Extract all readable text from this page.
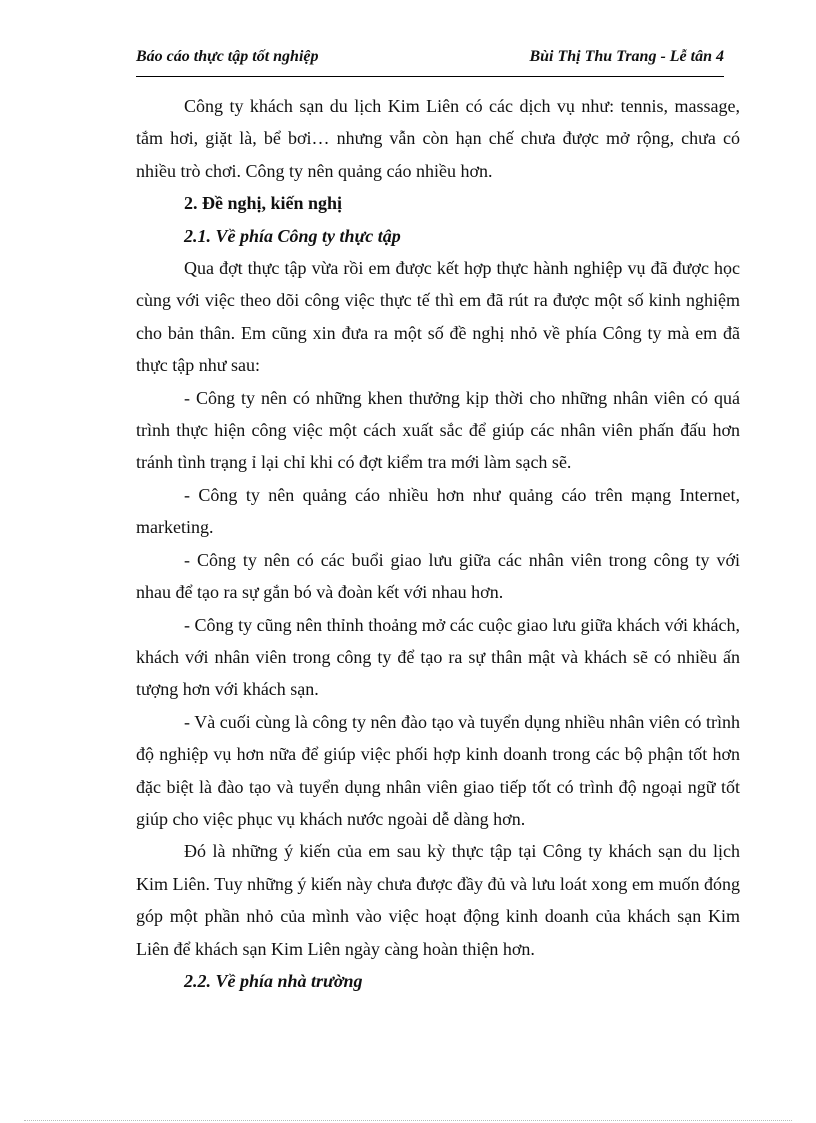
Báo cáo thực tập tốt nghiệp	Bùi Thị Thu Trang - Lễ tân 4

Công ty khách sạn du lịch Kim Liên có các dịch vụ như: tennis, massage, tắm hơi, giặt là, bể bơi… nhưng vẫn còn hạn chế chưa được mở rộng, chưa có nhiều trò chơi. Công ty nên quảng cáo nhiều hơn.

2. Đề nghị, kiến nghị
2.1. Về phía Công ty thực tập

Qua đợt thực tập vừa rồi em được kết hợp thực hành nghiệp vụ đã được học cùng với việc theo dõi công việc thực tế thì em đã rút ra được một số kinh nghiệm cho bản thân. Em cũng xin đưa ra một số đề nghị nhỏ về phía Công ty mà em đã thực tập như sau:

- Công ty nên có những khen thưởng kịp thời cho những nhân viên có quá trình thực hiện công việc một cách xuất sắc để giúp các nhân viên phấn đấu hơn tránh tình trạng ỉ lại chỉ khi có đợt kiểm tra mới làm sạch sẽ.

- Công ty nên quảng cáo nhiều hơn như quảng cáo trên mạng Internet, marketing.

- Công ty nên có các buổi giao lưu giữa các nhân viên trong công ty với nhau để tạo ra sự gắn bó và đoàn kết với nhau hơn.

- Công ty cũng nên thỉnh thoảng mở các cuộc giao lưu giữa khách với khách, khách với nhân viên trong công ty để tạo ra sự thân mật và khách sẽ có nhiều ấn tượng hơn với khách sạn.

- Và cuối cùng là công ty nên đào tạo và tuyển dụng nhiều nhân viên có trình độ nghiệp vụ hơn nữa để giúp việc phối hợp kinh doanh trong các bộ phận tốt hơn đặc biệt là đào tạo và tuyển dụng nhân viên giao tiếp tốt có trình độ ngoại ngữ tốt giúp cho việc phục vụ khách nước ngoài dễ dàng hơn.

Đó là những ý kiến của em sau kỳ thực tập tại Công ty khách sạn du lịch Kim Liên. Tuy những ý kiến này chưa được đầy đủ và lưu loát xong em muốn đóng góp một phần nhỏ của mình vào việc hoạt động kinh doanh của khách sạn Kim Liên để khách sạn Kim Liên ngày càng hoàn thiện hơn.

2.2. Về phía nhà trường
